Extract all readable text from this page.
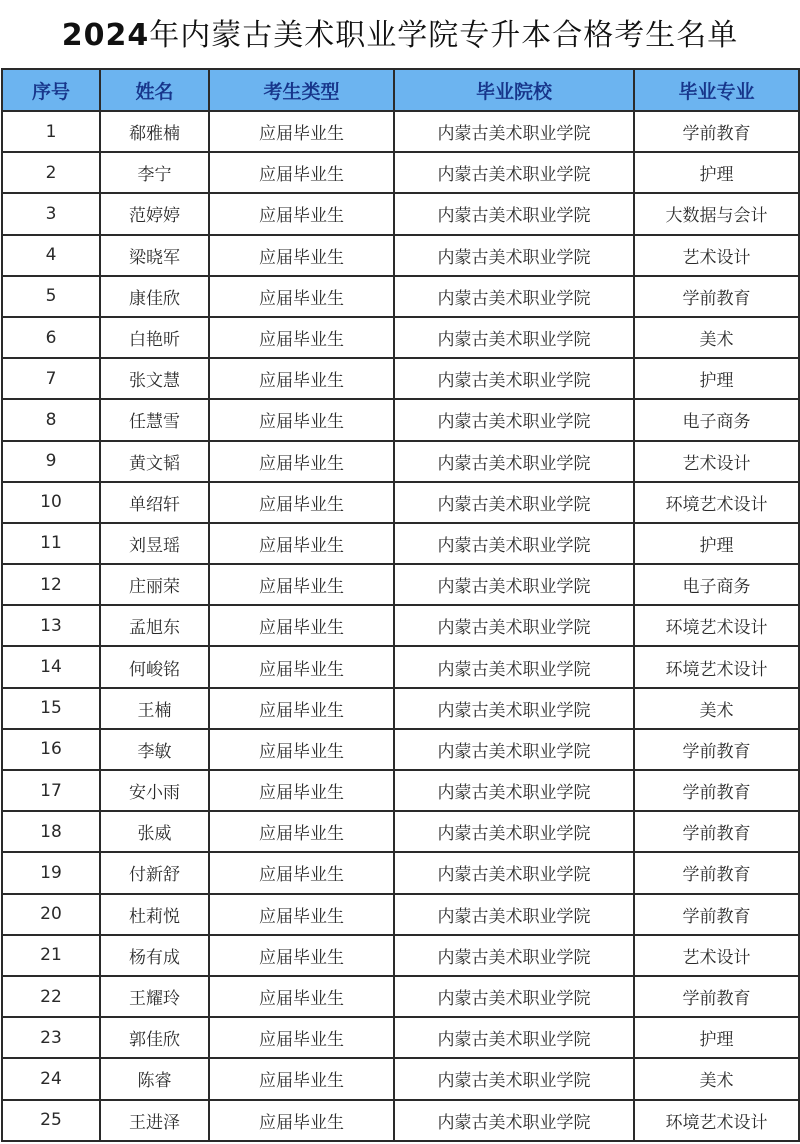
2024年内蒙古美术职业学院专升本合格考生名单
序号	姓名	考生类型	毕业院校	毕业专业
1	郗雅楠	应届毕业生	内蒙古美术职业学院	学前教育
2	李宁	应届毕业生	内蒙古美术职业学院	护理
3	范婷婷	应届毕业生	内蒙古美术职业学院	大数据与会计
4	梁晓军	应届毕业生	内蒙古美术职业学院	艺术设计
5	康佳欣	应届毕业生	内蒙古美术职业学院	学前教育
6	白艳昕	应届毕业生	内蒙古美术职业学院	美术
7	张文慧	应届毕业生	内蒙古美术职业学院	护理
8	任慧雪	应届毕业生	内蒙古美术职业学院	电子商务
9	黄文韬	应届毕业生	内蒙古美术职业学院	艺术设计
10	单绍轩	应届毕业生	内蒙古美术职业学院	环境艺术设计
11	刘昱瑶	应届毕业生	内蒙古美术职业学院	护理
12	庄丽荣	应届毕业生	内蒙古美术职业学院	电子商务
13	孟旭东	应届毕业生	内蒙古美术职业学院	环境艺术设计
14	何峻铭	应届毕业生	内蒙古美术职业学院	环境艺术设计
15	王楠	应届毕业生	内蒙古美术职业学院	美术
16	李敏	应届毕业生	内蒙古美术职业学院	学前教育
17	安小雨	应届毕业生	内蒙古美术职业学院	学前教育
18	张威	应届毕业生	内蒙古美术职业学院	学前教育
19	付新舒	应届毕业生	内蒙古美术职业学院	学前教育
20	杜莉悦	应届毕业生	内蒙古美术职业学院	学前教育
21	杨有成	应届毕业生	内蒙古美术职业学院	艺术设计
22	王耀玲	应届毕业生	内蒙古美术职业学院	学前教育
23	郭佳欣	应届毕业生	内蒙古美术职业学院	护理
24	陈睿	应届毕业生	内蒙古美术职业学院	美术
25	王进泽	应届毕业生	内蒙古美术职业学院	环境艺术设计
